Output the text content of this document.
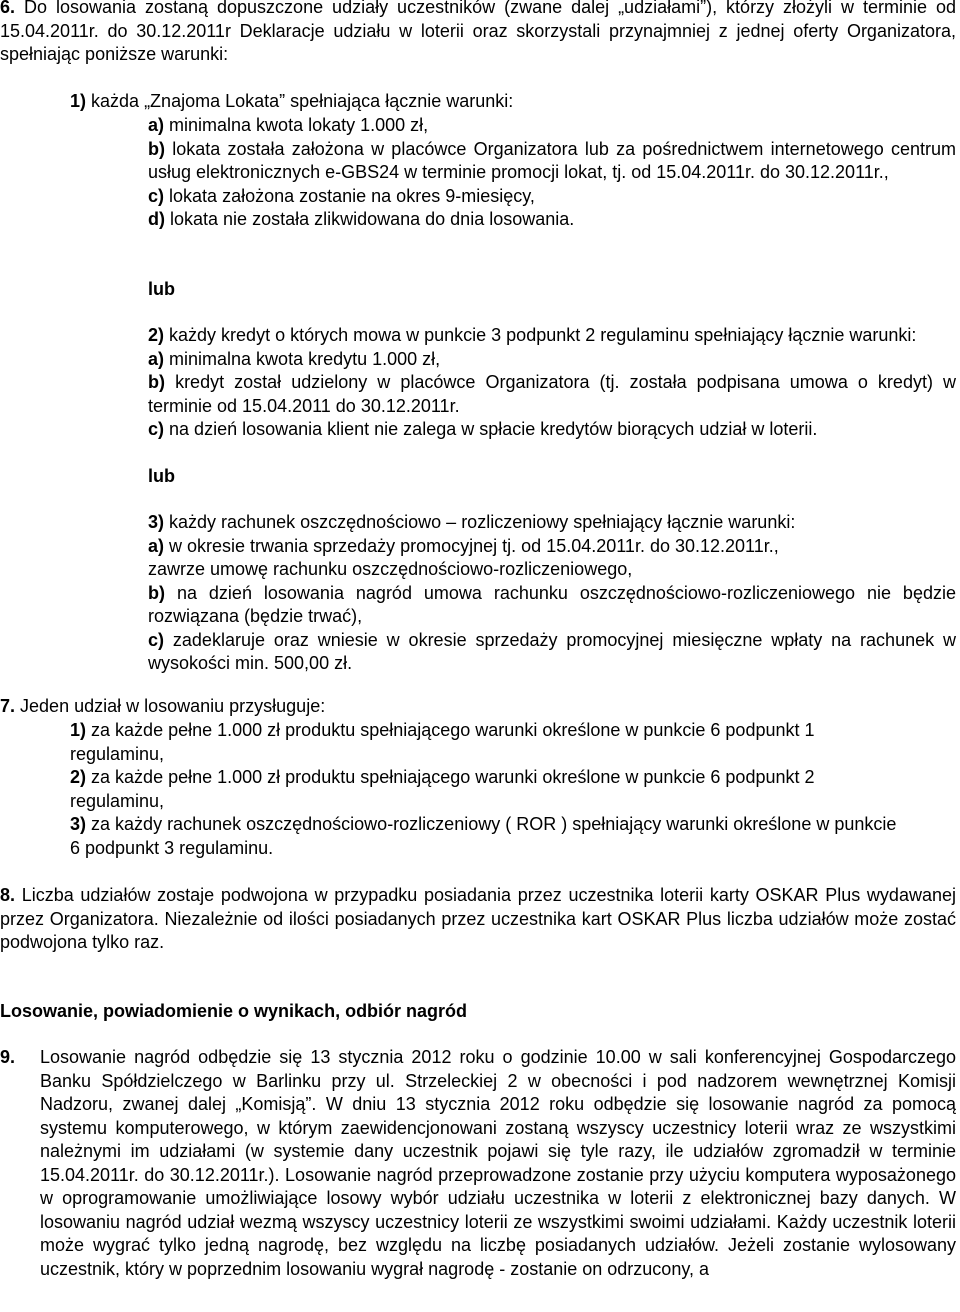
6. Do losowania zostaną dopuszczone udziały uczestników (zwane dalej „udziałami”), którzy złożyli w terminie od 15.04.2011r. do 30.12.2011r Deklaracje udziału w loterii oraz skorzystali przynajmniej z jednej oferty Organizatora, spełniając poniższe warunki:

1) każda „Znajoma Lokata” spełniająca łącznie warunki:

a) minimalna kwota lokaty 1.000 zł,
b) lokata została założona w placówce Organizatora lub za pośrednictwem internetowego centrum usług elektronicznych e-GBS24 w terminie promocji lokat, tj. od 15.04.2011r. do 30.12.2011r.,
c) lokata założona zostanie na okres 9-miesięcy,
d) lokata nie została zlikwidowana do dnia losowania.

lub

2) każdy kredyt o których mowa w punkcie 3 podpunkt 2 regulaminu spełniający łącznie warunki:
a) minimalna kwota kredytu 1.000 zł,
b) kredyt został udzielony w placówce Organizatora (tj. została podpisana umowa o kredyt) w terminie od 15.04.2011 do 30.12.2011r.
c) na dzień losowania klient nie zalega w spłacie kredytów biorących udział w loterii.

lub

3) każdy rachunek oszczędnościowo – rozliczeniowy spełniający łącznie warunki:
a) w okresie trwania sprzedaży promocyjnej tj. od 15.04.2011r. do 30.12.2011r.,
zawrze umowę rachunku oszczędnościowo-rozliczeniowego,
b) na dzień losowania nagród umowa rachunku oszczędnościowo-rozliczeniowego nie będzie rozwiązana (będzie trwać),
c) zadeklaruje oraz wniesie w okresie sprzedaży promocyjnej miesięczne wpłaty na rachunek w wysokości min. 500,00 zł.

7. Jeden udział w losowaniu przysługuje:

1) za każde pełne 1.000 zł produktu spełniającego warunki określone w punkcie 6 podpunkt 1 regulaminu,
2) za każde pełne 1.000 zł produktu spełniającego warunki określone w punkcie 6 podpunkt 2 regulaminu,
3) za każdy rachunek oszczędnościowo-rozliczeniowy ( ROR ) spełniający warunki określone w punkcie 6 podpunkt 3 regulaminu.

8. Liczba udziałów zostaje podwojona w przypadku posiadania przez uczestnika loterii karty OSKAR Plus wydawanej przez Organizatora. Niezależnie od ilości posiadanych przez uczestnika kart OSKAR Plus liczba udziałów może zostać podwojona tylko raz.

Losowanie, powiadomienie o wynikach, odbiór nagród

9. Losowanie nagród odbędzie się 13 stycznia 2012 roku o godzinie 10.00 w sali konferencyjnej Gospodarczego Banku Spółdzielczego w Barlinku przy ul. Strzeleckiej 2 w obecności i pod nadzorem wewnętrznej Komisji Nadzoru, zwanej dalej „Komisją”. W dniu 13 stycznia 2012 roku odbędzie się losowanie nagród za pomocą systemu komputerowego, w którym zaewidencjonowani zostaną wszyscy uczestnicy loterii wraz ze wszystkimi należnymi im udziałami (w systemie dany uczestnik pojawi się tyle razy, ile udziałów zgromadził w terminie 15.04.2011r. do 30.12.2011r.). Losowanie nagród przeprowadzone zostanie przy użyciu komputera wyposażonego w oprogramowanie umożliwiające losowy wybór udziału uczestnika w loterii z elektronicznej bazy danych. W losowaniu nagród udział wezmą wszyscy uczestnicy loterii ze wszystkimi swoimi udziałami. Każdy uczestnik loterii może wygrać tylko jedną nagrodę, bez względu na liczbę posiadanych udziałów. Jeżeli zostanie wylosowany uczestnik, który w poprzednim losowaniu wygrał nagrodę - zostanie on odrzucony, a
